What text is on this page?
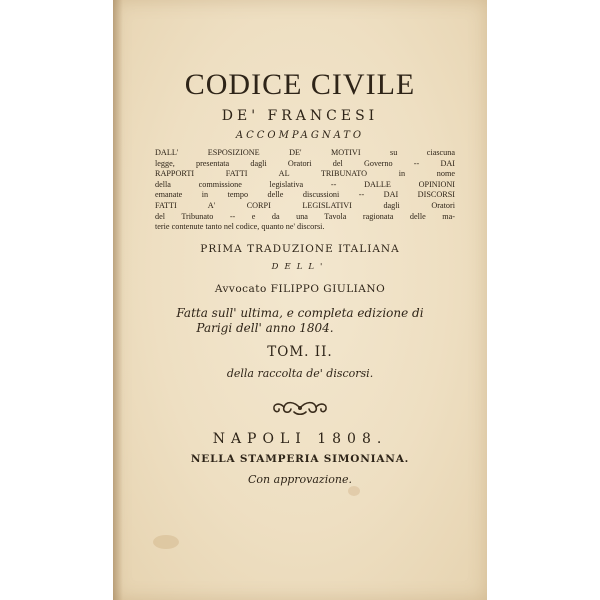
CODICE CIVILE
DE' FRANCESI
ACCOMPAGNATO
DALL' ESPOSIZIONE DE' MOTIVI su ciascuna
legge, presentata dagli Oratori del Governo -- DAI
RAPPORTI FATTI AL TRIBUNATO in nome
della commissione legislativa -- DALLE OPINIONI
emanate in tempo delle discussioni -- DAI DISCORSI
FATTI A' CORPI LEGISLATIVI dagli Oratori
del Tribunato -- e da una Tavola ragionata delle ma-
terie contenute tanto nel codice, quanto ne' discorsi.
PRIMA TRADUZIONE ITALIANA
DELL'
Avvocato FILIPPO GIULIANO
Fatta sull' ultima, e completa edizione di
Parigi dell' anno 1804.
TOM. II.
della raccolta de' discorsi.
NAPOLI 1808.
NELLA STAMPERIA SIMONIANA.
Con approvazione.
